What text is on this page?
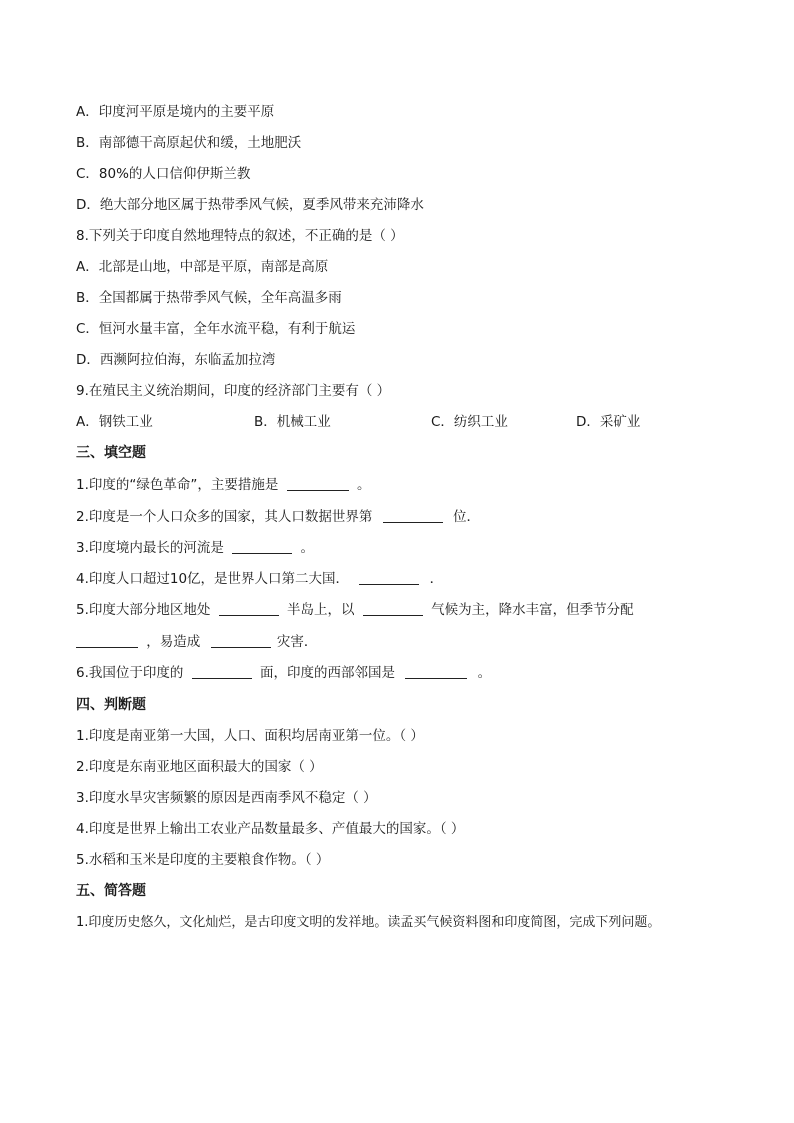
A．印度河平原是境内的主要平原
B．南部德干高原起伏和缓，土地肥沃
C．80%的人口信仰伊斯兰教
D．绝大部分地区属于热带季风气候，夏季风带来充沛降水
8.下列关于印度自然地理特点的叙述，不正确的是（ ）
A．北部是山地，中部是平原，南部是高原
B．全国都属于热带季风气候，全年高温多雨
C．恒河水量丰富，全年水流平稳，有利于航运
D．西濒阿拉伯海，东临孟加拉湾
9.在殖民主义统治期间，印度的经济部门主要有（ ）
A．钢铁工业	B．机械工业	C．纺织工业	D．采矿业
三、填空题
1.印度的“绿色革命”，主要措施是	。
2.印度是一个人口众多的国家，其人口数据世界第	位．
3.印度境内最长的河流是	。
4.印度人口超过10亿，是世界人口第二大国．	．
5.印度大部分地区地处	半岛上，以	气候为主，降水丰富，但季节分配
，易造成	灾害．
6.我国位于印度的	面，印度的西部邻国是	。
四、判断题
1.印度是南亚第一大国，人口、面积均居南亚第一位。（ ）
2.印度是东南亚地区面积最大的国家（ ）
3.印度水旱灾害频繁的原因是西南季风不稳定（ ）
4.印度是世界上输出工农业产品数量最多、产值最大的国家。（ ）
5.水稻和玉米是印度的主要粮食作物。（ ）
五、简答题
1.印度历史悠久，文化灿烂，是古印度文明的发祥地。读孟买气候资料图和印度简图，完成下列问题。
